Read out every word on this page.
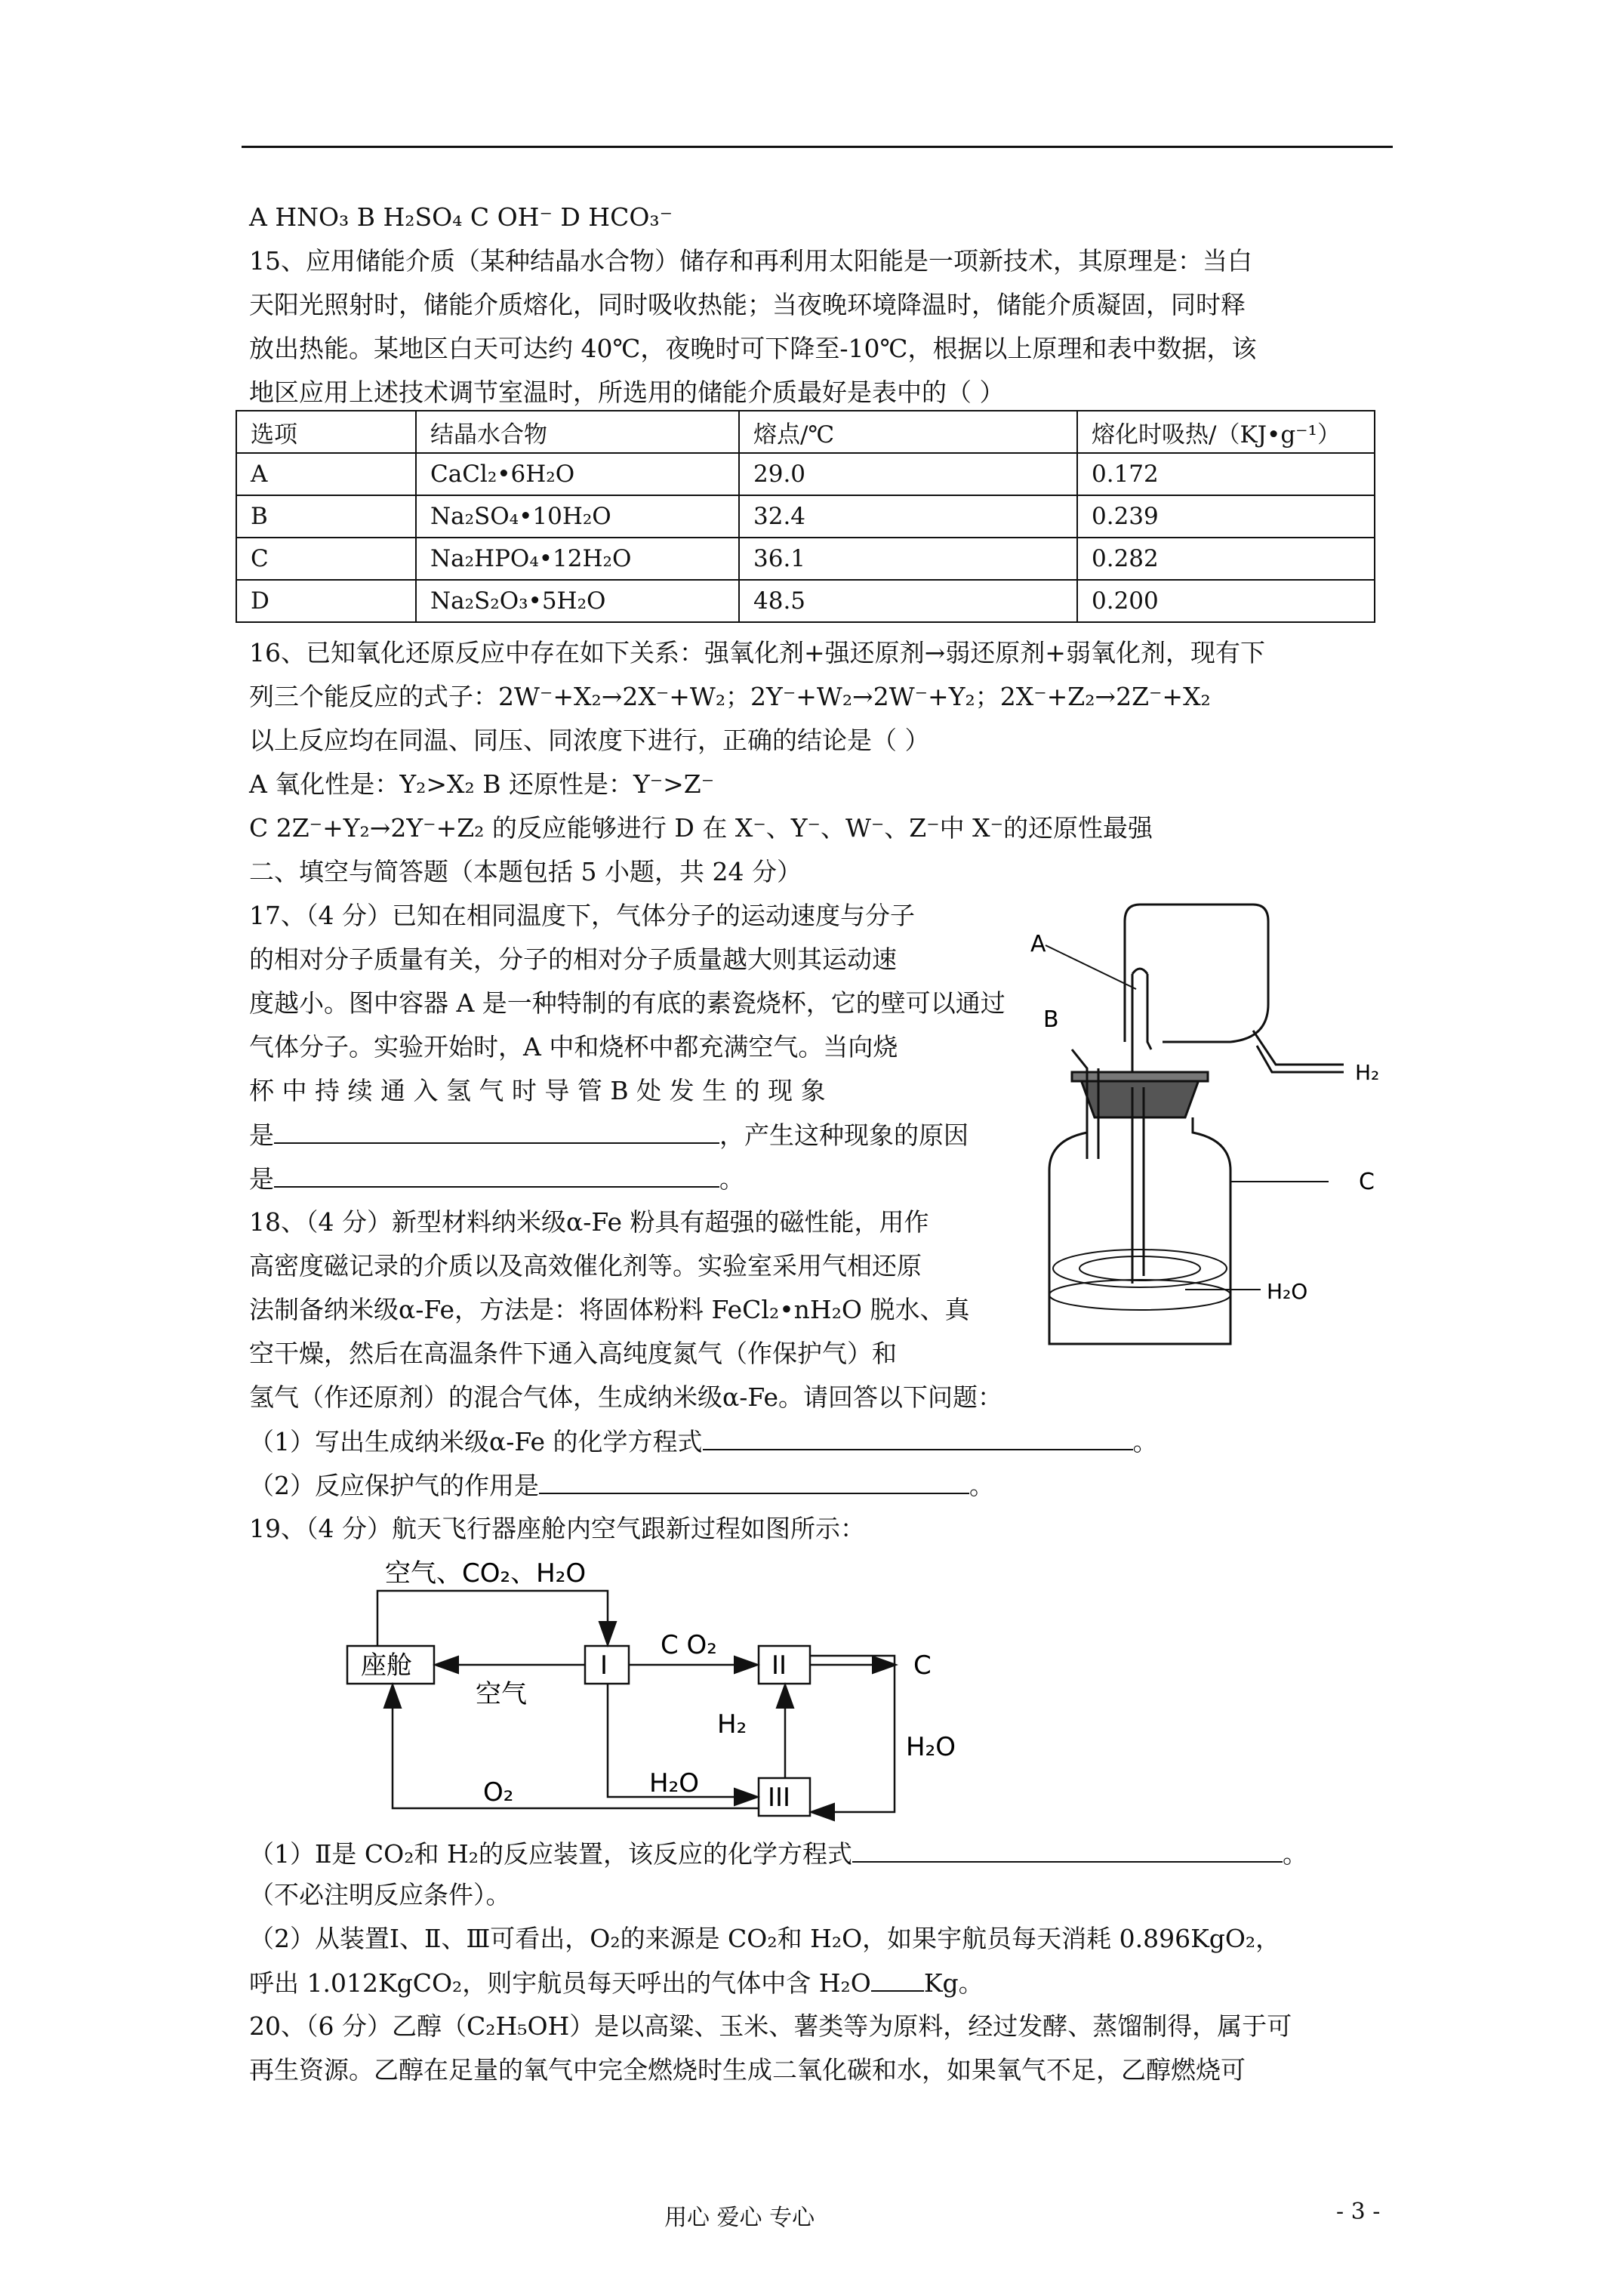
A HNO₃ B H₂SO₄ C OH⁻ D HCO₃⁻
15、应用储能介质（某种结晶水合物）储存和再利用太阳能是一项新技术，其原理是：当白
天阳光照射时，储能介质熔化，同时吸收热能；当夜晚环境降温时，储能介质凝固，同时释
放出热能。某地区白天可达约 40℃，夜晚时可下降至-10℃，根据以上原理和表中数据，该
地区应用上述技术调节室温时，所选用的储能介质最好是表中的（ ）
选项	结晶水合物	熔点/℃	熔化时吸热/（KJ•g⁻¹）
A	CaCl₂•6H₂O	29.0	0.172
B	Na₂SO₄•10H₂O	32.4	0.239
C	Na₂HPO₄•12H₂O	36.1	0.282
D	Na₂S₂O₃•5H₂O	48.5	0.200
16、已知氧化还原反应中存在如下关系：强氧化剂+强还原剂→弱还原剂+弱氧化剂，现有下
列三个能反应的式子：2W⁻+X₂→2X⁻+W₂；2Y⁻+W₂→2W⁻+Y₂；2X⁻+Z₂→2Z⁻+X₂
以上反应均在同温、同压、同浓度下进行，正确的结论是（ ）
A 氧化性是：Y₂>X₂ B 还原性是：Y⁻>Z⁻
C 2Z⁻+Y₂→2Y⁻+Z₂ 的反应能够进行 D 在 X⁻、Y⁻、W⁻、Z⁻中 X⁻的还原性最强
二、填空与简答题（本题包括 5 小题，共 24 分）
17、（4 分）已知在相同温度下，气体分子的运动速度与分子
的相对分子质量有关，分子的相对分子质量越大则其运动速
度越小。图中容器 A 是一种特制的有底的素瓷烧杯，它的壁可以通过
气体分子。实验开始时，A 中和烧杯中都充满空气。当向烧
杯 中 持 续 通 入 氢 气 时 导 管 B 处 发 生 的 现 象
是	，产生这种现象的原因
是	。
A
B
C
H₂
H₂O
18、（4 分）新型材料纳米级α-Fe 粉具有超强的磁性能，用作
高密度磁记录的介质以及高效催化剂等。实验室采用气相还原
法制备纳米级α-Fe，方法是：将固体粉料 FeCl₂•nH₂O 脱水、真
空干燥，然后在高温条件下通入高纯度氮气（作保护气）和
氢气（作还原剂）的混合气体，生成纳米级α-Fe。请回答以下问题：
（1）写出生成纳米级α-Fe 的化学方程式	。
（2）反应保护气的作用是	。
19、（4 分）航天飞行器座舱内空气跟新过程如图所示：
空气、CO₂、H₂O
座舱
空气
I	II
III
C O₂
C
H₂
H₂O
H₂O
O₂
（1）Ⅱ是 CO₂和 H₂的反应装置，该反应的化学方程式	。
（不必注明反应条件）。
（2）从装置Ⅰ、Ⅱ、Ⅲ可看出，O₂的来源是 CO₂和 H₂O，如果宇航员每天消耗 0.896KgO₂，
呼出 1.012KgCO₂，则宇航员每天呼出的气体中含 H₂O Kg。
20、（6 分）乙醇（C₂H₅OH）是以高粱、玉米、薯类等为原料，经过发酵、蒸馏制得，属于可
再生资源。乙醇在足量的氧气中完全燃烧时生成二氧化碳和水，如果氧气不足，乙醇燃烧可
用心 爱心 专心	- 3 -
